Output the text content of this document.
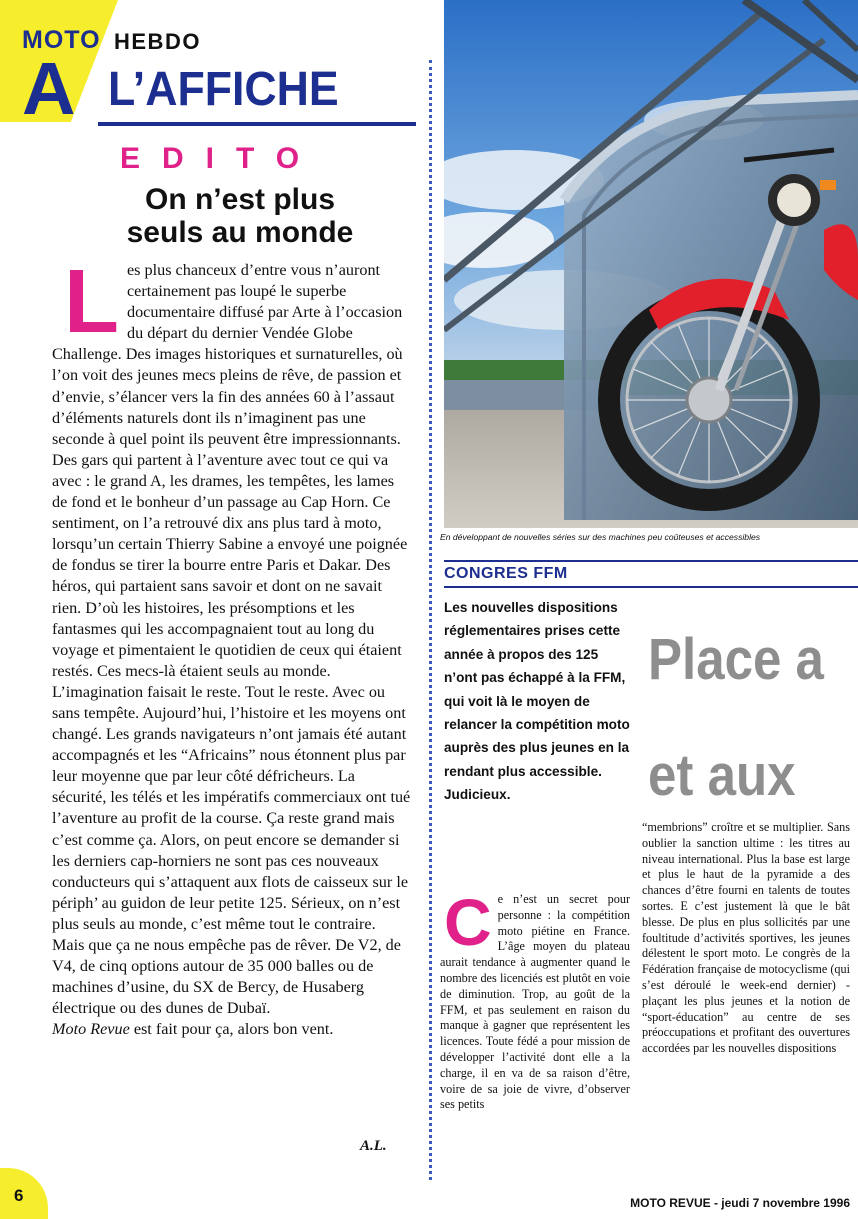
MOTO HEBDO
A L’AFFICHE
EDITO
On n’est plus
seuls au monde
L es plus chanceux d’entre vous n’auront certainement pas loupé le superbe documentaire diffusé par Arte à l’occasion du départ du dernier Vendée Globe Challenge. Des images historiques et surnaturelles, où l’on voit des jeunes mecs pleins de rêve, de passion et d’envie, s’élancer vers la fin des années 60 à l’assaut d’éléments naturels dont ils n’imaginent pas une seconde à quel point ils peuvent être impressionnants. Des gars qui partent à l’aventure avec tout ce qui va avec : le grand A, les drames, les tempêtes, les lames de fond et le bonheur d’un passage au Cap Horn. Ce sentiment, on l’a retrouvé dix ans plus tard à moto, lorsqu’un certain Thierry Sabine a envoyé une poignée de fondus se tirer la bourre entre Paris et Dakar. Des héros, qui partaient sans savoir et dont on ne savait rien. D’où les histoires, les présomptions et les fantasmes qui les accompagnaient tout au long du voyage et pimentaient le quotidien de ceux qui étaient restés. Ces mecs-là étaient seuls au monde. L’imagination faisait le reste. Tout le reste. Avec ou sans tempête. Aujourd’hui, l’histoire et les moyens ont changé. Les grands navigateurs n’ont jamais été autant accompagnés et les “Africains” nous étonnent plus par leur moyenne que par leur côté défricheurs. La sécurité, les télés et les impératifs commerciaux ont tué l’aventure au profit de la course. Ça reste grand mais c’est comme ça. Alors, on peut encore se demander si les derniers cap-horniers ne sont pas ces nouveaux conducteurs qui s’attaquent aux flots de caisseux sur le périph’ au guidon de leur petite 125. Sérieux, on n’est plus seuls au monde, c’est même tout le contraire. Mais que ça ne nous empêche pas de rêver. De V2, de V4, de cinq options autour de 35 000 balles ou de machines d’usine, du SX de Bercy, de Husaberg électrique ou des dunes de Dubaï.
Moto Revue est fait pour ça, alors bon vent.
A.L.
En développant de nouvelles séries sur des machines peu coûteuses et accessibles
CONGRES FFM
Les nouvelles dispositions réglementaires prises cette année à propos des 125 n’ont pas échappé à la FFM, qui voit là le moyen de relancer la compétition moto auprès des plus jeunes en la rendant plus accessible. Judicieux.
Place a
et aux
C e n’est un secret pour personne : la compétition moto piétine en France. L’âge moyen du plateau aurait tendance à augmenter quand le nombre des licenciés est plutôt en voie de diminution. Trop, au goût de la FFM, et pas seulement en raison du manque à gagner que représentent les licences. Toute fédé a pour mission de développer l’activité dont elle a la charge, il en va de sa raison d’être, voire de sa joie de vivre, d’observer ses petits
“membrions” croître et se multiplier. Sans oublier la sanction ultime : les titres au niveau international. Plus la base est large et plus le haut de la pyramide a des chances d’être fourni en talents de toutes sortes. E c’est justement là que le bât blesse. De plus en plus sollicités par une foultitude d’activités sportives, les jeunes délestent le sport moto. Le congrès de la Fédération française de motocyclisme (qui s’est déroulé le week-end dernier) - plaçant les plus jeunes et la notion de “sport-éducation” au centre de ses préoccupations et profitant des ouvertures accordées par les nouvelles dispositions
6	MOTO REVUE - jeudi 7 novembre 1996
